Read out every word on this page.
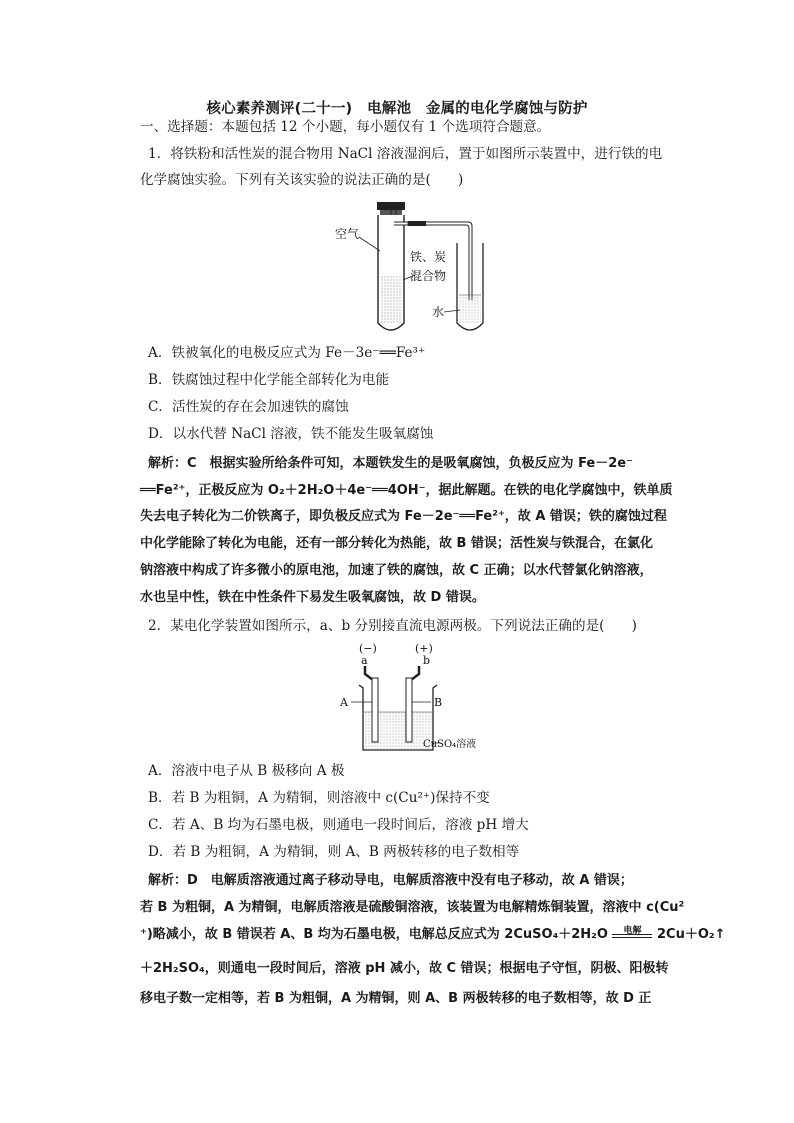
核心素养测评(二十一)　电解池　金属的电化学腐蚀与防护
一、选择题：本题包括 12 个小题，每小题仅有 1 个选项符合题意。
1．将铁粉和活性炭的混合物用 NaCl 溶液湿润后，置于如图所示装置中，进行铁的电
化学腐蚀实验。下列有关该实验的说法正确的是(　　)
空气
铁、炭
混合物
水
A．铁被氧化的电极反应式为 Fe－3e⁻══Fe³⁺
B．铁腐蚀过程中化学能全部转化为电能
C．活性炭的存在会加速铁的腐蚀
D．以水代替 NaCl 溶液，铁不能发生吸氧腐蚀
解析：C　根据实验所给条件可知，本题铁发生的是吸氧腐蚀，负极反应为 Fe－2e⁻
══Fe²⁺，正极反应为 O₂＋2H₂O＋4e⁻══4OH⁻，据此解题。在铁的电化学腐蚀中，铁单质
失去电子转化为二价铁离子，即负极反应式为 Fe－2e⁻══Fe²⁺，故 A 错误；铁的腐蚀过程
中化学能除了转化为电能，还有一部分转化为热能，故 B 错误；活性炭与铁混合，在氯化
钠溶液中构成了许多微小的原电池，加速了铁的腐蚀，故 C 正确；以水代替氯化钠溶液，
水也呈中性，铁在中性条件下易发生吸氧腐蚀，故 D 错误。
2．某电化学装置如图所示，a、b 分别接直流电源两极。下列说法正确的是(　　)
(−)	(+)
a	b
A	B
CuSO₄溶液
A．溶液中电子从 B 极移向 A 极
B．若 B 为粗铜，A 为精铜，则溶液中 c(Cu²⁺)保持不变
C．若 A、B 均为石墨电极，则通电一段时间后，溶液 pH 增大
D．若 B 为粗铜，A 为精铜，则 A、B 两极转移的电子数相等
解析：D　电解质溶液通过离子移动导电，电解质溶液中没有电子移动，故 A 错误；
若 B 为粗铜，A 为精铜，电解质溶液是硫酸铜溶液，该装置为电解精炼铜装置，溶液中 c(Cu²
⁺)略减小，故 B 错误若 A、B 均为石墨电极，电解总反应式为 2CuSO₄＋2H₂O	电解	2Cu＋O₂↑
＋2H₂SO₄，则通电一段时间后，溶液 pH 减小，故 C 错误；根据电子守恒，阴极、阳极转
移电子数一定相等，若 B 为粗铜，A 为精铜，则 A、B 两极转移的电子数相等，故 D 正
